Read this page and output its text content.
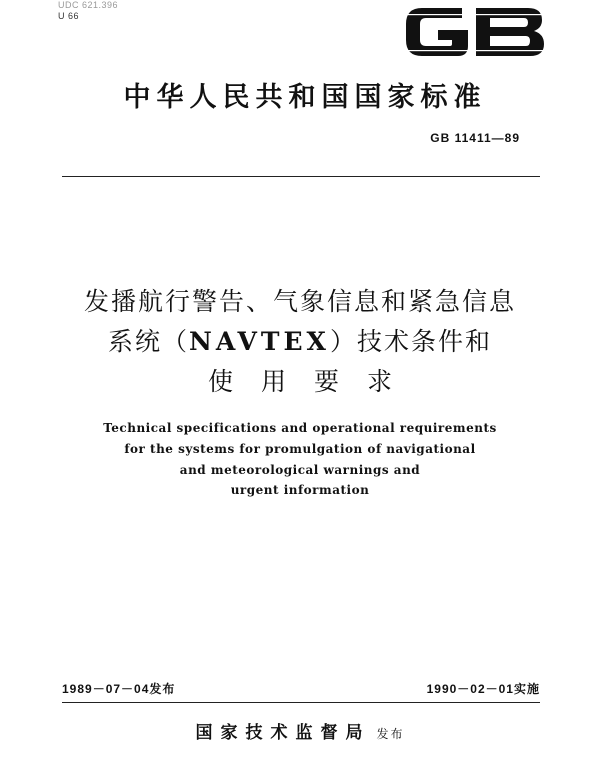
UDC 621.396
U 66
中华人民共和国国家标准
GB 11411—89
发播航行警告、气象信息和紧急信息
系统（NAVTEX）技术条件和
使用要求
Technical specifications and operational requirements
for the systems for promulgation of navigational
and meteorological warnings and
urgent information
1989－07－04发布	1990－02－01实施
国家技术监督局 发布
